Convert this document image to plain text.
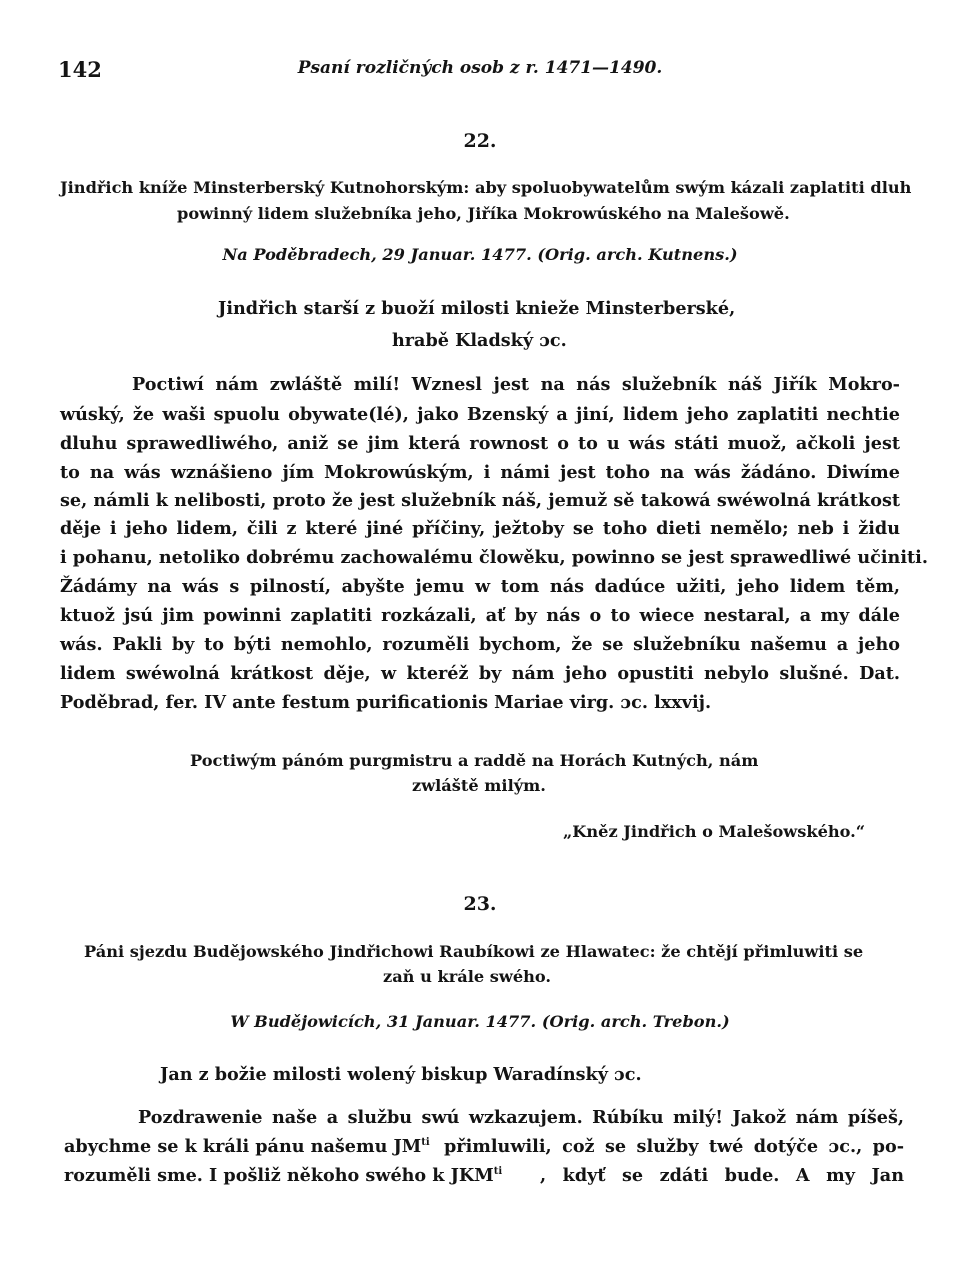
142	Psaní rozličných osob z r. 1471—1490.
22.
Jindřich kníže Minsterberský Kutnohorským: aby spoluobywatelům swým kázali zaplatiti dluh
powinný lidem služebníka jeho, Jiříka Mokrowúského na Malešowě.
Na Poděbradech, 29 Januar. 1477. (Orig. arch. Kutnens.)
Jindřich starší z buoží milosti knieže Minsterberské,
hrabě Kladský ɔc.
Poctiwí nám zwláště milí! Wznesl jest na nás služebník náš Jiřík Mokro-
wúský, že waši spuolu obywate(lé), jako Bzenský a jiní, lidem jeho zaplatiti nechtie
dluhu sprawedliwého, aniž se jim která rownost o to u wás státi muož, ačkoli jest
to na wás wznášieno jím Mokrowúským, i námi jest toho na wás žádáno. Diwíme
se, námli k nelibosti, proto že jest služebník náš, jemuž sě takowá swéwolná krátkost
děje i jeho lidem, čili z které jiné příčiny, ježtoby se toho dieti nemělo; neb i židu
i pohanu, netoliko dobrému zachowalému člowěku, powinno se jest sprawedliwé učiniti.
Žádámy na wás s pilností, abyšte jemu w tom nás dadúce užiti, jeho lidem těm,
ktuož jsú jim powinni zaplatiti rozkázali, ať by nás o to wiece nestaral, a my dále
wás. Pakli by to býti nemohlo, rozuměli bychom, že se služebníku našemu a jeho
lidem swéwolná krátkost děje, w kteréž by nám jeho opustiti nebylo slušné. Dat.
Poděbrad, fer. IV ante festum purificationis Mariae virg. ɔc. lxxvij.
Poctiwým pánóm purgmistru a raddě na Horách Kutných, nám
zwláště milým.
„Kněz Jindřich o Malešowského.“
23.
Páni sjezdu Budějowského Jindřichowi Raubíkowi ze Hlawatec: že chtějí přimluwiti se
zaň u krále swého.
W Budějowicích, 31 Januar. 1477. (Orig. arch. Trebon.)
Jan z božie milosti wolený biskup Waradínský ɔc.
Pozdrawenie naše a službu swú wzkazujem. Rúbíku milý! Jakož nám píšeš,
abychme se k králi pánu našemu $JM^{ti}$ přimluwili, což se služby twé dotýče ɔc., po-
rozuměli sme. I pošliž někoho swého k $JKM^{ti}$ , kdyť se zdáti bude. A my Jan
